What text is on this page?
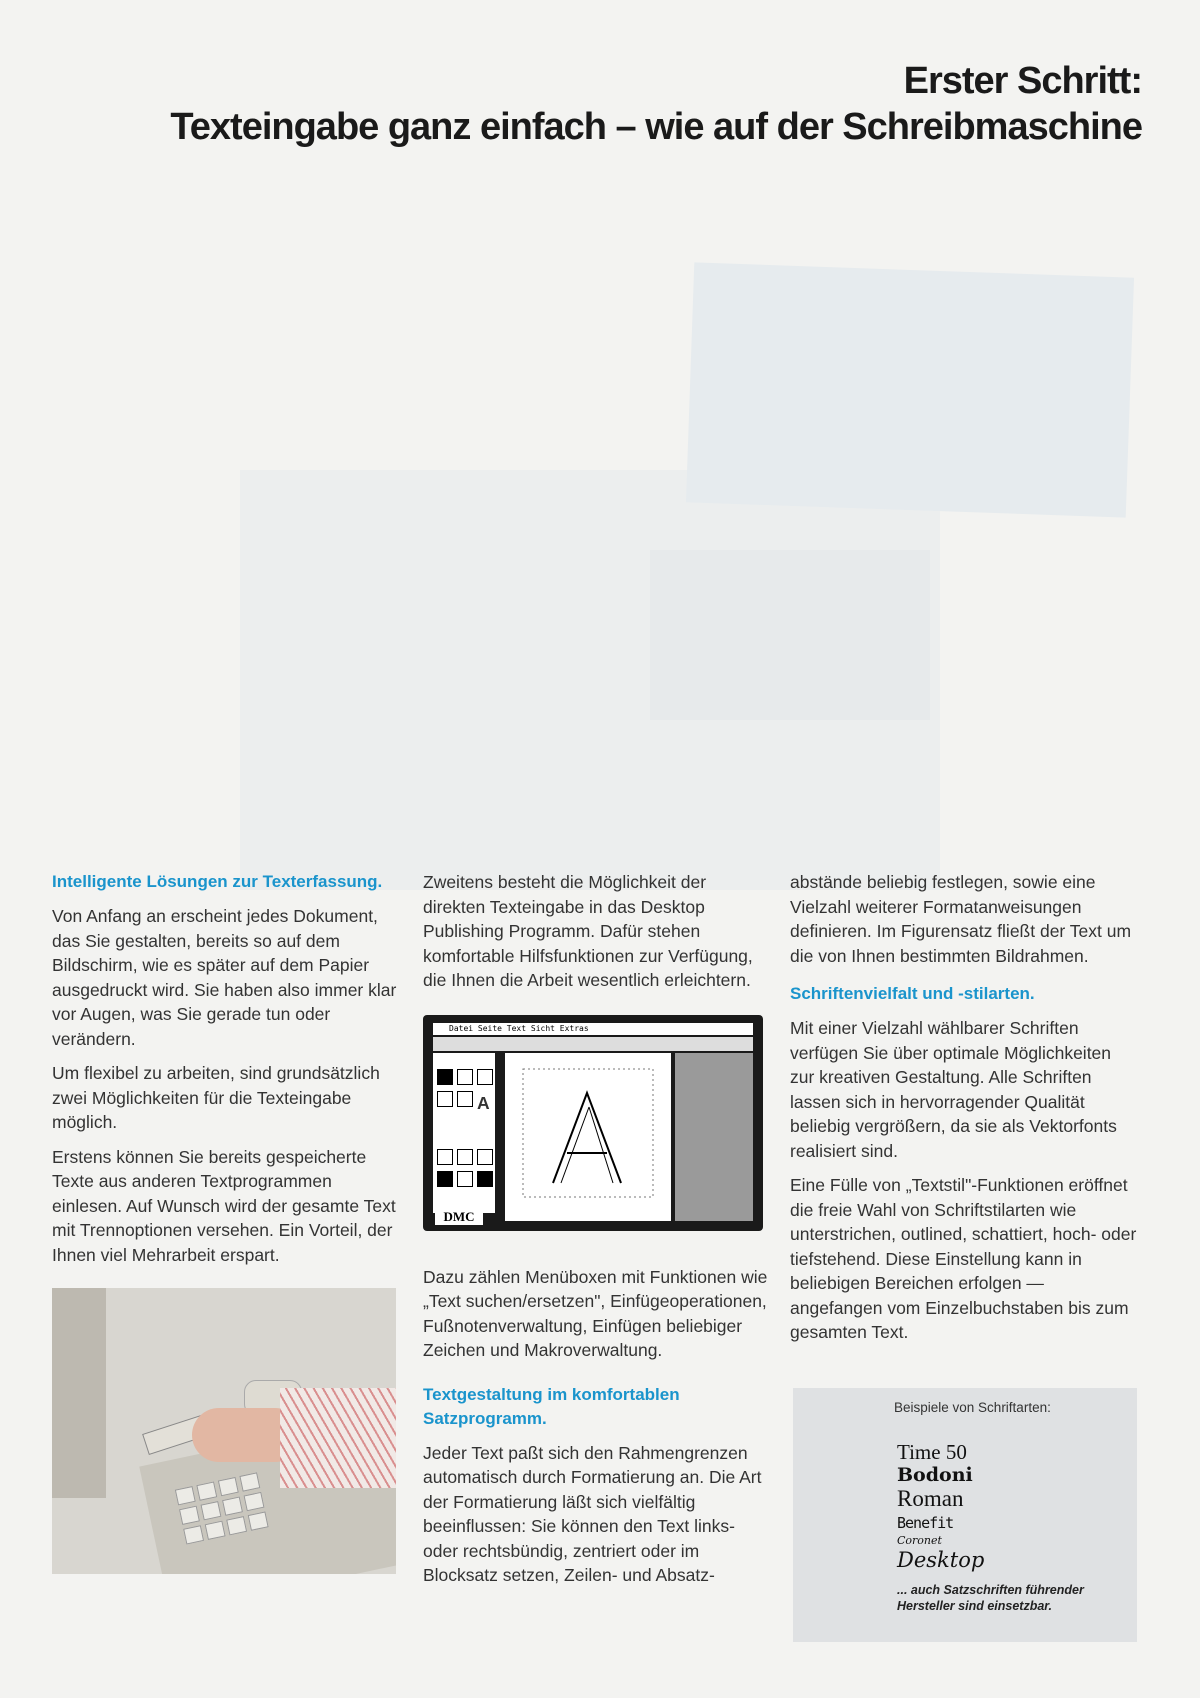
Erster Schritt:
Texteingabe ganz einfach – wie auf der Schreibmaschine
Intelligente Lösungen zur Texterfassung.

Von Anfang an erscheint jedes Dokument, das Sie gestalten, bereits so auf dem Bildschirm, wie es später auf dem Papier ausgedruckt wird. Sie haben also immer klar vor Augen, was Sie gerade tun oder verändern.

Um flexibel zu arbeiten, sind grundsätzlich zwei Möglichkeiten für die Texteingabe möglich.

Erstens können Sie bereits gespeicherte Texte aus anderen Textprogrammen einlesen. Auf Wunsch wird der gesamte Text mit Trennoptionen versehen. Ein Vorteil, der Ihnen viel Mehrarbeit erspart.

Zweitens besteht die Möglichkeit der direkten Texteingabe in das Desktop Publishing Programm. Dafür stehen komfortable Hilfsfunktionen zur Verfügung, die Ihnen die Arbeit wesentlich erleichtern.

Datei Seite Text Sicht Extras
A
DMC

Dazu zählen Menüboxen mit Funktionen wie „Text suchen/ersetzen", Einfügeoperationen, Fußnotenverwaltung, Einfügen beliebiger Zeichen und Makroverwaltung.

Textgestaltung im komfortablen Satzprogramm.

Jeder Text paßt sich den Rahmengrenzen automatisch durch Formatierung an. Die Art der Formatierung läßt sich vielfältig beeinflussen: Sie können den Text links- oder rechtsbündig, zentriert oder im Blocksatz setzen, Zeilen- und Absatz-

abstände beliebig festlegen, sowie eine Vielzahl weiterer Formatanweisungen definieren. Im Figurensatz fließt der Text um die von Ihnen bestimmten Bildrahmen.

Schriftenvielfalt und -stilarten.

Mit einer Vielzahl wählbarer Schriften verfügen Sie über optimale Möglichkeiten zur kreativen Gestaltung. Alle Schriften lassen sich in hervorragender Qualität beliebig vergrößern, da sie als Vektorfonts realisiert sind.

Eine Fülle von „Textstil"-Funktionen eröffnet die freie Wahl von Schriftstilarten wie unterstrichen, outlined, schattiert, hoch- oder tiefstehend. Diese Einstellung kann in beliebigen Bereichen erfolgen — angefangen vom Einzelbuchstaben bis zum gesamten Text.

Beispiele von Schriftarten:
Time 50
Bodoni
Roman
Benefit
Coronet
Desktop
... auch Satzschriften führender Hersteller sind einsetzbar.
